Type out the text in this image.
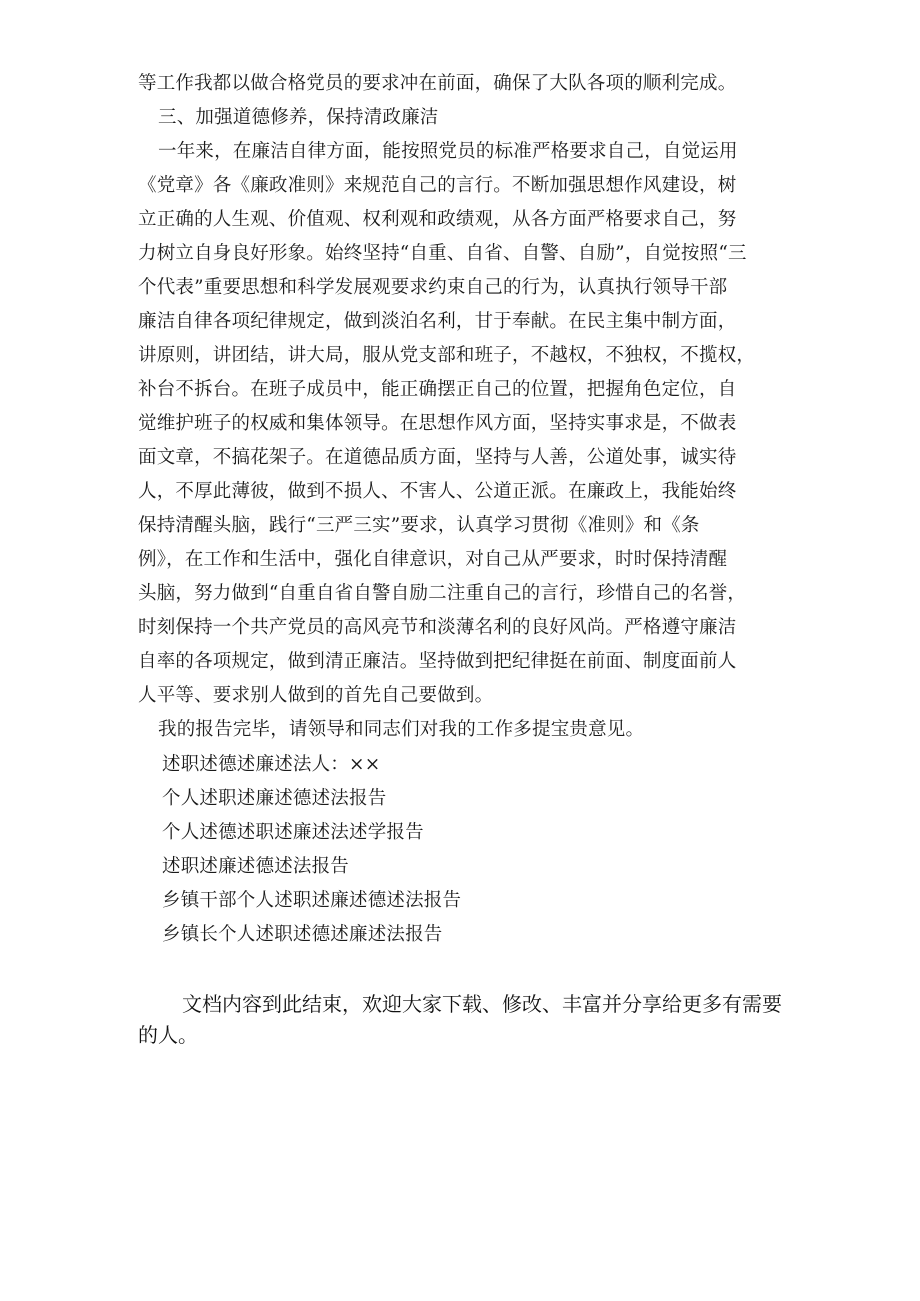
等工作我都以做合格党员的要求冲在前面，确保了大队各项的顺利完成。
三、加强道德修养，保持清政廉洁
一年来，在廉洁自律方面，能按照党员的标准严格要求自己，自觉运用
《党章》各《廉政准则》来规范自己的言行。不断加强思想作风建设，树
立正确的人生观、价值观、权利观和政绩观，从各方面严格要求自己，努
力树立自身良好形象。始终坚持“自重、自省、自警、自励”，自觉按照“三
个代表”重要思想和科学发展观要求约束自己的行为，认真执行领导干部
廉洁自律各项纪律规定，做到淡泊名利，甘于奉献。在民主集中制方面，
讲原则，讲团结，讲大局，服从党支部和班子，不越权，不独权，不揽权，
补台不拆台。在班子成员中，能正确摆正自己的位置，把握角色定位，自
觉维护班子的权威和集体领导。在思想作风方面，坚持实事求是，不做表
面文章，不搞花架子。在道德品质方面，坚持与人善，公道处事，诚实待
人，不厚此薄彼，做到不损人、不害人、公道正派。在廉政上，我能始终
保持清醒头脑，践行“三严三实”要求，认真学习贯彻《准则》和《条
例》，在工作和生活中，强化自律意识，对自己从严要求，时时保持清醒
头脑，努力做到“自重自省自警自励二注重自己的言行，珍惜自己的名誉，
时刻保持一个共产党员的高风亮节和淡薄名利的良好风尚。严格遵守廉洁
自率的各项规定，做到清正廉洁。坚持做到把纪律挺在前面、制度面前人
人平等、要求别人做到的首先自己要做到。
我的报告完毕，请领导和同志们对我的工作多提宝贵意见。
述职述德述廉述法人：××
个人述职述廉述德述法报告
个人述德述职述廉述法述学报告
述职述廉述德述法报告
乡镇干部个人述职述廉述德述法报告
乡镇长个人述职述德述廉述法报告
文档内容到此结束，欢迎大家下载、修改、丰富并分享给更多有需要
的人。
